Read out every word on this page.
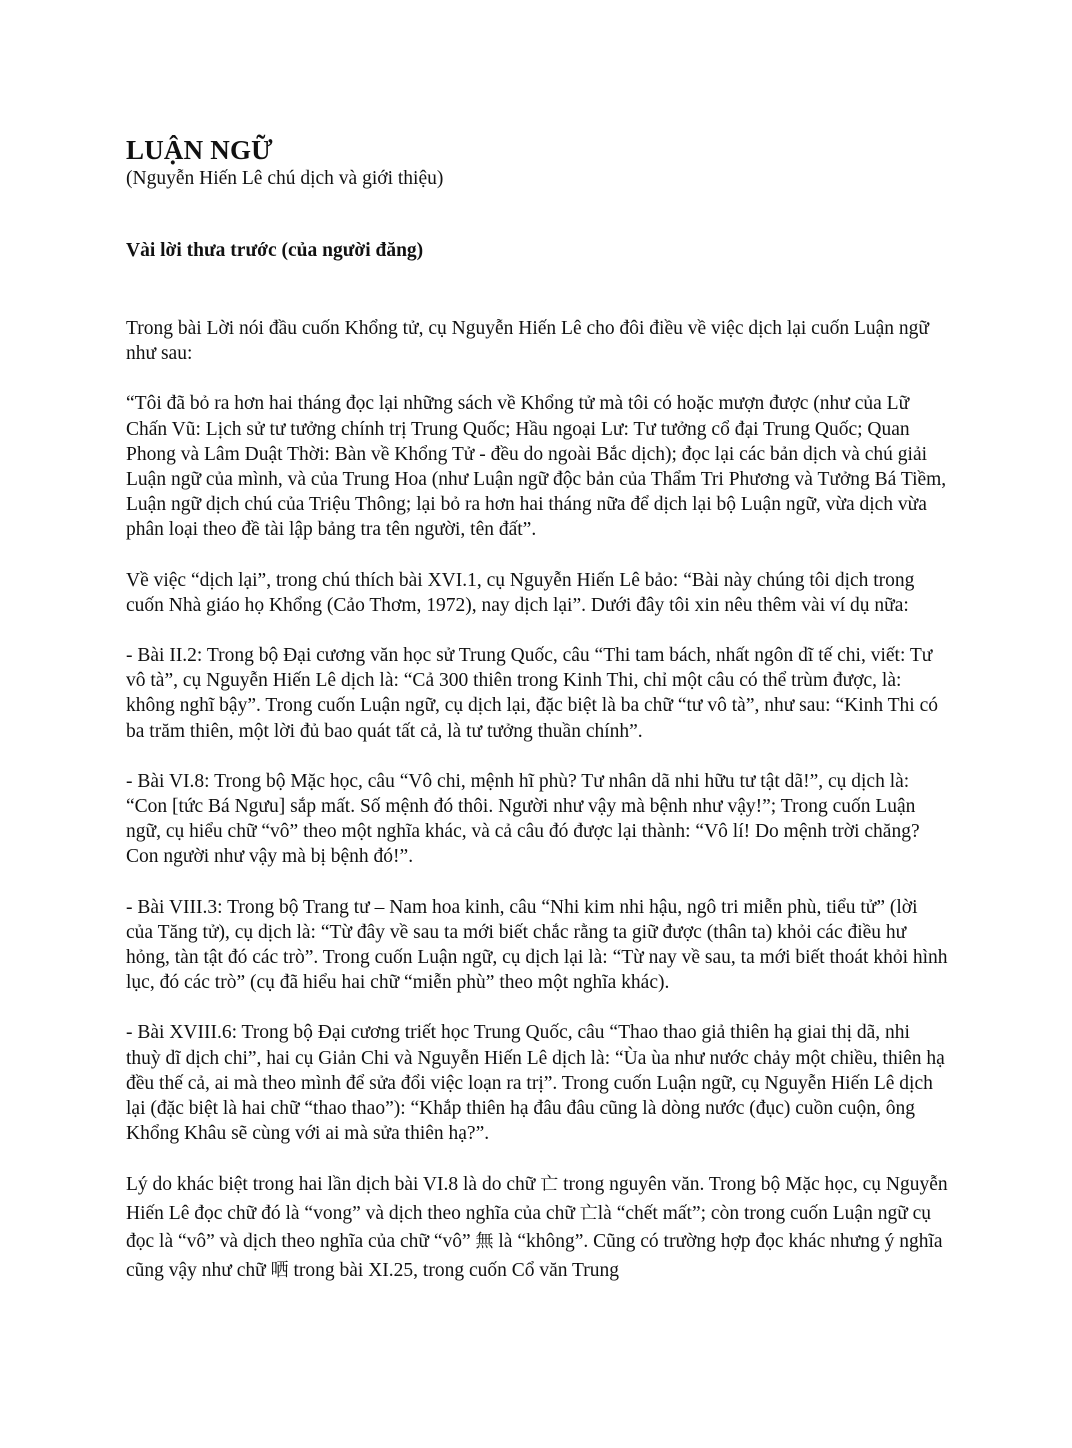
LUẬN NGỮ

(Nguyễn Hiến Lê chú dịch và giới thiệu)

Vài lời thưa trước (của người đăng)

Trong bài Lời nói đầu cuốn Khổng tử, cụ Nguyễn Hiến Lê cho đôi điều về việc dịch lại cuốn Luận ngữ như sau:

“Tôi đã bỏ ra hơn hai tháng đọc lại những sách về Khổng tử mà tôi có hoặc mượn được (như của Lữ Chấn Vũ: Lịch sử tư tưởng chính trị Trung Quốc; Hầu ngoại Lư: Tư tưởng cổ đại Trung Quốc; Quan Phong và Lâm Duật Thời: Bàn về Khổng Tử - đều do ngoài Bắc dịch); đọc lại các bản dịch và chú giải Luận ngữ của mình, và của Trung Hoa (như Luận ngữ độc bản của Thẩm Tri Phương và Tưởng Bá Tiềm, Luận ngữ dịch chú của Triệu Thông; lại bỏ ra hơn hai tháng nữa để dịch lại bộ Luận ngữ, vừa dịch vừa phân loại theo đề tài lập bảng tra tên người, tên đất”.

Về việc “dịch lại”, trong chú thích bài XVI.1, cụ Nguyễn Hiến Lê bảo: “Bài này chúng tôi dịch trong cuốn Nhà giáo họ Khổng (Cảo Thơm, 1972), nay dịch lại”. Dưới đây tôi xin nêu thêm vài ví dụ nữa:

- Bài II.2: Trong bộ Đại cương văn học sử Trung Quốc, câu “Thi tam bách, nhất ngôn dĩ tế chi, viết: Tư vô tà”, cụ Nguyễn Hiến Lê dịch là: “Cả 300 thiên trong Kinh Thi, chỉ một câu có thể trùm được, là: không nghĩ bậy”. Trong cuốn Luận ngữ, cụ dịch lại, đặc biệt là ba chữ “tư vô tà”, như sau: “Kinh Thi có ba trăm thiên, một lời đủ bao quát tất cả, là tư tưởng thuần chính”.

- Bài VI.8: Trong bộ Mặc học, câu “Vô chi, mệnh hĩ phù? Tư nhân dã nhi hữu tư tật dã!”, cụ dịch là: “Con [tức Bá Ngưu] sắp mất. Số mệnh đó thôi. Người như vậy mà bệnh như vậy!”; Trong cuốn Luận ngữ, cụ hiểu chữ “vô” theo một nghĩa khác, và cả câu đó được lại thành: “Vô lí! Do mệnh trời chăng? Con người như vậy mà bị bệnh đó!”.

- Bài VIII.3: Trong bộ Trang tư – Nam hoa kinh, câu “Nhi kim nhi hậu, ngô tri miễn phù, tiểu tử” (lời của Tăng tử), cụ dịch là: “Từ đây về sau ta mới biết chắc rằng ta giữ được (thân ta) khỏi các điều hư hỏng, tàn tật đó các trò”. Trong cuốn Luận ngữ, cụ dịch lại là: “Từ nay về sau, ta mới biết thoát khỏi hình lục, đó các trò” (cụ đã hiểu hai chữ “miễn phù” theo một nghĩa khác).

- Bài XVIII.6: Trong bộ Đại cương triết học Trung Quốc, câu “Thao thao giả thiên hạ giai thị dã, nhi thuỳ dĩ dịch chi”, hai cụ Giản Chi và Nguyễn Hiến Lê dịch là: “Ùa ùa như nước chảy một chiều, thiên hạ đều thế cả, ai mà theo mình để sửa đổi việc loạn ra trị”. Trong cuốn Luận ngữ, cụ Nguyễn Hiến Lê dịch lại (đặc biệt là hai chữ “thao thao”): “Khắp thiên hạ đâu đâu cũng là dòng nước (đục) cuồn cuộn, ông Khổng Khâu sẽ cùng với ai mà sửa thiên hạ?”.

Lý do khác biệt trong hai lần dịch bài VI.8 là do chữ 亡 trong nguyên văn. Trong bộ Mặc học, cụ Nguyễn Hiến Lê đọc chữ đó là “vong” và dịch theo nghĩa của chữ 亡là “chết mất”; còn trong cuốn Luận ngữ cụ đọc là “vô” và dịch theo nghĩa của chữ “vô” 無 là “không”. Cũng có trường hợp đọc khác nhưng ý nghĩa cũng vậy như chữ 哂 trong bài XI.25, trong cuốn Cổ văn Trung
